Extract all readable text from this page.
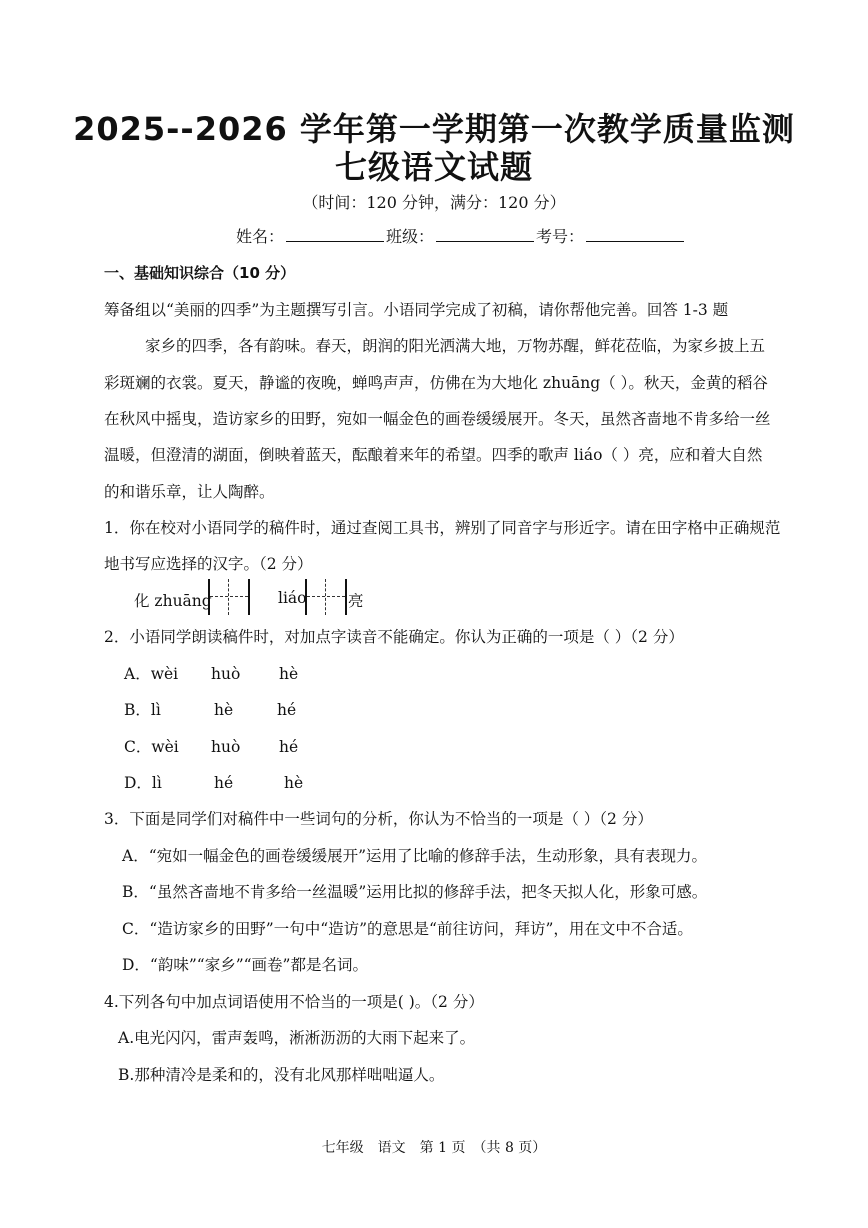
2025--2026 学年第一学期第一次教学质量监测
七级语文试题
（时间：120 分钟，满分：120 分）
姓名：	班级：	考号：
一、基础知识综合（10 分）
筹备组以“美丽的四季”为主题撰写引言。小语同学完成了初稿，请你帮他完善。回答 1-3 题
家乡的四季，各有韵味。春天，朗润的阳光洒满大地，万物苏醒，鲜花莅临，为家乡披上五
彩斑斓的衣裳。夏天，静谧的夜晚，蝉鸣声声，仿佛在为大地化 zhuāng（ ）。秋天，金黄的稻谷
在秋风中摇曳，造访家乡的田野，宛如一幅金色的画卷缓缓展开。冬天，虽然吝啬地不肯多给一丝
温暖，但澄清的湖面，倒映着蓝天，酝酿着来年的希望。四季的歌声 liáo（ ）亮，应和着大自然
的和谐乐章，让人陶醉。
1．你在校对小语同学的稿件时，通过查阅工具书，辨别了同音字与形近字。请在田字格中正确规范
地书写应选择的汉字。（2 分）
化 zhuāng	liáo	亮
2．小语同学朗读稿件时，对加点字读音不能确定。你认为正确的一项是（ ）（2 分）
A．wèi huò hè
B．lì	hè	hé
C．wèi huò hé
D．lì	hé	hè
3．下面是同学们对稿件中一些词句的分析，你认为不恰当的一项是（ ）（2 分）
A．“宛如一幅金色的画卷缓缓展开”运用了比喻的修辞手法，生动形象，具有表现力。
B．“虽然吝啬地不肯多给一丝温暖”运用比拟的修辞手法，把冬天拟人化，形象可感。
C．“造访家乡的田野”一句中“造访”的意思是“前往访问，拜访”，用在文中不合适。
D．“韵味”“家乡”“画卷”都是名词。
4.下列各句中加点词语使用不恰当的一项是( )。（2 分）
A.电光闪闪，雷声轰鸣，淅淅沥沥的大雨下起来了。
B.那种清冷是柔和的，没有北风那样咄咄逼人。
七年级　语文　第 1 页　（共 8 页）
